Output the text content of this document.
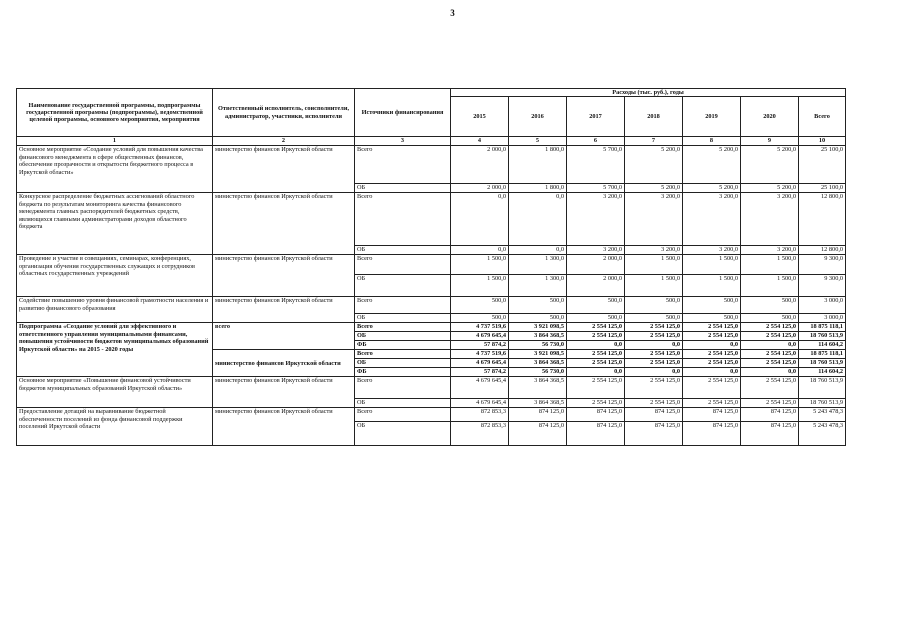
3
Наименование государственной программы, подпрограммы государственной программы (подпрограммы), ведомственной целевой программы, основного мероприятия, мероприятия	Ответственный исполнитель, соисполнители, администратор, участники, исполнители	Источники финансирования	Расходы (тыс. руб.), годы						
			2015	2016	2017	2018	2019	2020	Всего
1	2	3	4	5	6	7	8	9	10
Основное мероприятие «Создание условий для повышения качества финансового менеджмента в сфере общественных финансов, обеспечение прозрачности и открытости бюджетного процесса в Иркутской области»	министерство финансов Иркутской области	Всего	2 000,0	1 800,0	5 700,0	5 200,0	5 200,0	5 200,0	25 100,0
		ОБ	2 000,0	1 800,0	5 700,0	5 200,0	5 200,0	5 200,0	25 100,0
Конкурсное распределение бюджетных ассигнований областного бюджета по результатам мониторинга качества финансового менеджмента главных распорядителей бюджетных средств, являющихся главными администраторами доходов областного бюджета	министерство финансов Иркутской области	Всего	0,0	0,0	3 200,0	3 200,0	3 200,0	3 200,0	12 800,0
		ОБ	0,0	0,0	3 200,0	3 200,0	3 200,0	3 200,0	12 800,0
Проведение и участие в совещаниях, семинарах, конференциях, организация обучения государственных служащих и сотрудников областных государственных учреждений	министерство финансов Иркутской области	Всего	1 500,0	1 300,0	2 000,0	1 500,0	1 500,0	1 500,0	9 300,0
		ОБ	1 500,0	1 300,0	2 000,0	1 500,0	1 500,0	1 500,0	9 300,0
Содействие повышению уровня финансовой грамотности населения и развитию финансового образования	министерство финансов Иркутской области	Всего	500,0	500,0	500,0	500,0	500,0	500,0	3 000,0
		ОБ	500,0	500,0	500,0	500,0	500,0	500,0	3 000,0
Подпрограмма «Создание условий для эффективного и ответственного управления муниципальными финансами, повышения устойчивости бюджетов муниципальных образований Иркутской области» на 2015 - 2020 годы	всего	Всего	4 737 519,6	3 921 098,5	2 554 125,0	2 554 125,0	2 554 125,0	2 554 125,0	18 875 118,1
		ОБ	4 679 645,4	3 864 368,5	2 554 125,0	2 554 125,0	2 554 125,0	2 554 125,0	18 760 513,9
		ФБ	57 874,2	56 730,0	0,0	0,0	0,0	0,0	114 604,2
	министерство финансов Иркутской области	Всего	4 737 519,6	3 921 098,5	2 554 125,0	2 554 125,0	2 554 125,0	2 554 125,0	18 875 118,1
		ОБ	4 679 645,4	3 864 368,5	2 554 125,0	2 554 125,0	2 554 125,0	2 554 125,0	18 760 513,9
		ФБ	57 874,2	56 730,0	0,0	0,0	0,0	0,0	114 604,2
Основное мероприятие «Повышение финансовой устойчивости бюджетов муниципальных образований Иркутской области»	министерство финансов Иркутской области	Всего	4 679 645,4	3 864 368,5	2 554 125,0	2 554 125,0	2 554 125,0	2 554 125,0	18 760 513,9
		ОБ	4 679 645,4	3 864 368,5	2 554 125,0	2 554 125,0	2 554 125,0	2 554 125,0	18 760 513,9
Предоставление дотаций на выравнивание бюджетной обеспеченности поселений из фонда финансовой поддержки поселений Иркутской области	министерство финансов Иркутской области	Всего	872 853,3	874 125,0	874 125,0	874 125,0	874 125,0	874 125,0	5 243 478,3
		ОБ	872 853,3	874 125,0	874 125,0	874 125,0	874 125,0	874 125,0	5 243 478,3
